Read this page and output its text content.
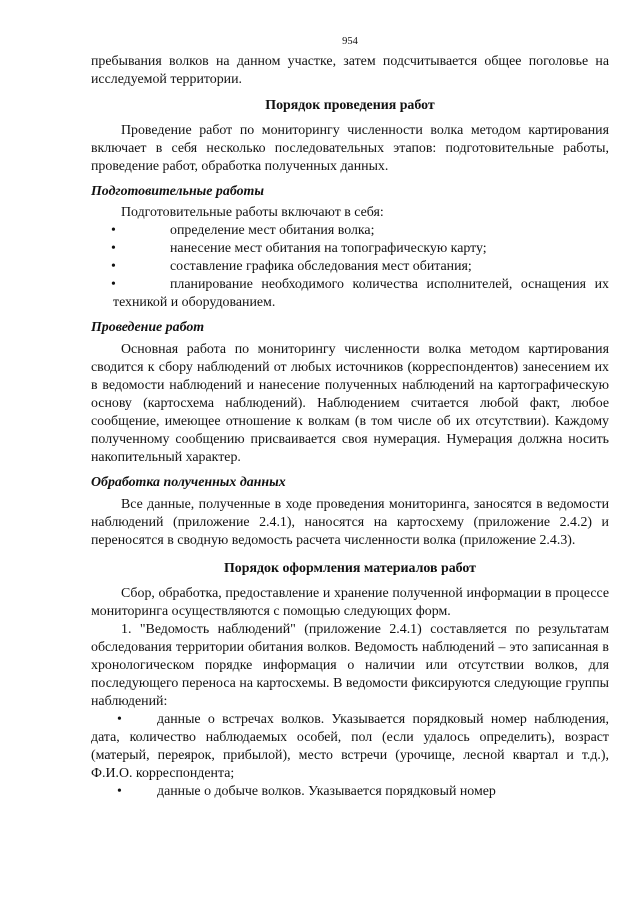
954

пребывания волков на данном участке, затем подсчитывается общее поголовье на исследуемой территории.

Порядок проведения работ

Проведение работ по мониторингу численности волка методом картирования включает в себя несколько последовательных этапов: подготовительные работы, проведение работ, обработка полученных данных.

Подготовительные работы

Подготовительные работы включают в себя:

•	определение мест обитания волка;
•	нанесение мест обитания на топографическую карту;
•	составление графика обследования мест обитания;
•	планирование необходимого количества исполнителей, оснащения их техникой и оборудованием.
Проведение работ

Основная работа по мониторингу численности волка методом картирования сводится к сбору наблюдений от любых источников (корреспондентов) занесением их в ведомости наблюдений и нанесение полученных наблюдений на картографическую основу (картосхема наблюдений). Наблюдением считается любой факт, любое сообщение, имеющее отношение к волкам (в том числе об их отсутствии). Каждому полученному сообщению присваивается своя нумерация. Нумерация должна носить накопительный характер.

Обработка полученных данных

Все данные, полученные в ходе проведения мониторинга, заносятся в ведомости наблюдений (приложение 2.4.1), наносятся на картосхему (приложение 2.4.2) и переносятся в сводную ведомость расчета численности волка (приложение 2.4.3).

Порядок оформления материалов работ

Сбор, обработка, предоставление и хранение полученной информации в процессе мониторинга осуществляются с помощью следующих форм.

1. "Ведомость наблюдений" (приложение 2.4.1) составляется по результатам обследования территории обитания волков. Ведомость наблюдений – это записанная в хронологическом порядке информация о наличии или отсутствии волков, для последующего переноса на картосхемы. В ведомости фиксируются следующие группы наблюдений:

•	данные о встречах волков. Указывается порядковый номер наблюдения, дата, количество наблюдаемых особей, пол (если удалось определить), возраст (матерый, переярок, прибылой), место встречи (урочище, лесной квартал и т.д.), Ф.И.О. корреспондента;
•	данные о добыче волков. Указывается порядковый номер
